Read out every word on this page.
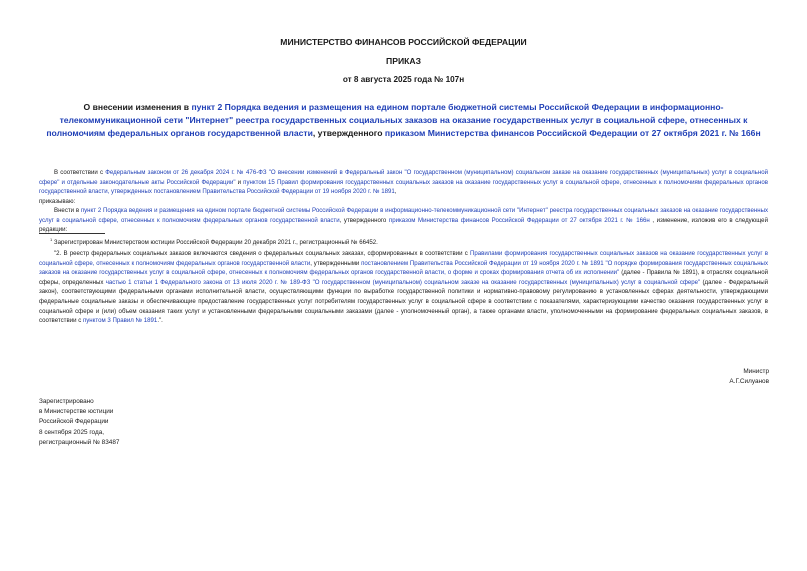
МИНИСТЕРСТВО ФИНАНСОВ РОССИЙСКОЙ ФЕДЕРАЦИИ
ПРИКАЗ
от 8 августа 2025 года № 107н
О внесении изменения в пункт 2 Порядка ведения и размещения на едином портале бюджетной системы Российской Федерации в информационно-телекоммуникационной сети "Интернет" реестра государственных социальных заказов на оказание государственных услуг в социальной сфере, отнесенных к полномочиям федеральных органов государственной власти, утвержденного приказом Министерства финансов Российской Федерации от 27 октября 2021 г. № 166н

В соответствии с Федеральным законом от 26 декабря 2024 г. № 476-ФЗ "О внесении изменений в Федеральный закон "О государственном (муниципальном) социальном заказе на оказание государственных (муниципальных) услуг в социальной сфере" и отдельные законодательные акты Российской Федерации" и пунктом 15 Правил формирования государственных социальных заказов на оказание государственных услуг в социальной сфере, отнесенных к полномочиям федеральных органов государственной власти, утвержденных постановлением Правительства Российской Федерации от 19 ноября 2020 г. № 1891,
приказываю:

Внести в пункт 2 Порядка ведения и размещения на едином портале бюджетной системы Российской Федерации в информационно-телекоммуникационной сети "Интернет" реестра государственных социальных заказов на оказание государственных услуг в социальной сфере, отнесенных к полномочиям федеральных органов государственной власти, утвержденного приказом Министерства финансов Российской Федерации от 27 октября 2021 г. № 166н , изменение, изложив его в следующей редакции:

$^1$ Зарегистрирован Министерством юстиции Российской Федерации 20 декабря 2021 г., регистрационный № 66452.

"2. В реестр федеральных социальных заказов включаются сведения о федеральных социальных заказах, сформированных в соответствии с Правилами формирования государственных социальных заказов на оказание государственных услуг в социальной сфере, отнесенных к полномочиям федеральных органов государственной власти, утвержденными постановлением Правительства Российской Федерации от 19 ноября 2020 г. № 1891 "О порядке формирования государственных социальных заказов на оказание государственных услуг в социальной сфере, отнесенных к полномочиям федеральных органов государственной власти, о форме и сроках формирования отчета об их исполнении" (далее - Правила № 1891), в отраслях социальной сферы, определенных частью 1 статьи 1 Федерального закона от 13 июля 2020 г. № 189-ФЗ "О государственном (муниципальном) социальном заказе на оказание государственных (муниципальных) услуг в социальной сфере" (далее - Федеральный закон), соответствующими федеральными органами исполнительной власти, осуществляющими функции по выработке государственной политики и нормативно-правовому регулированию в установленных сферах деятельности, утверждающими федеральные социальные заказы и обеспечивающие предоставление государственных услуг потребителям государственных услуг в социальной сфере в соответствии с показателями, характеризующими качество оказания государственных услуг в социальной сфере и (или) объем оказания таких услуг и установленными федеральными социальными заказами (далее - уполномоченный орган), а также органами власти, уполномоченными на формирование федеральных социальных заказов, в соответствии с пунктом 3 Правил № 1891.".

Министр
А.Г.Силуанов
Зарегистрировано
в Министерстве юстиции
Российской Федерации
8 сентября 2025 года,
регистрационный № 83487
